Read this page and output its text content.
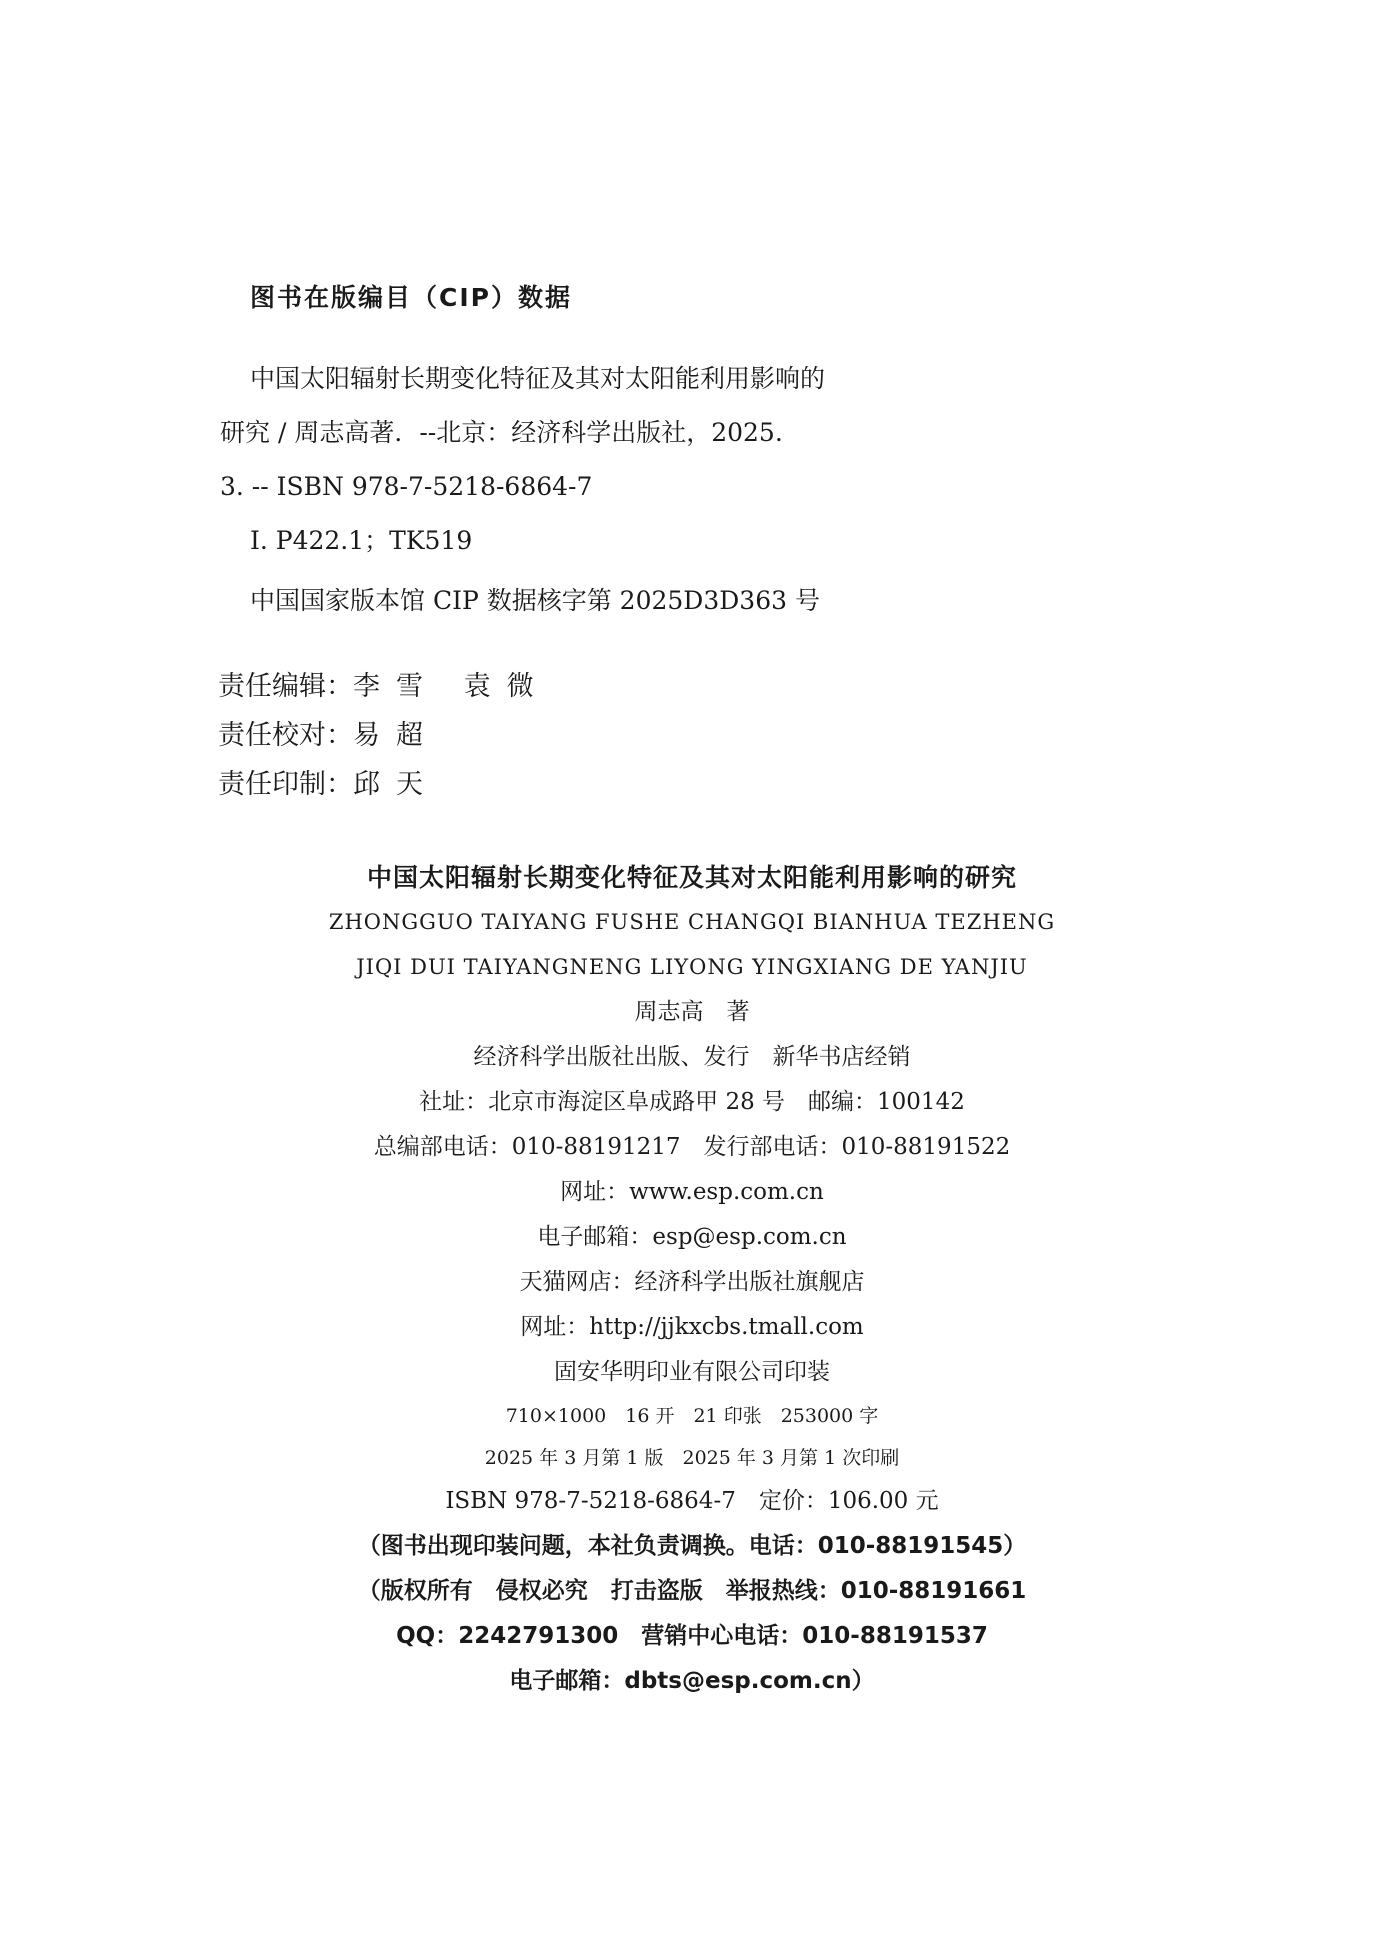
图书在版编目（CIP）数据
中国太阳辐射长期变化特征及其对太阳能利用影响的
研究 / 周志高著．--北京：经济科学出版社，2025.
3. -- ISBN 978-7-5218-6864-7
Ⅰ. P422.1；TK519
中国国家版本馆 CIP 数据核字第 2025D3D363 号
责任编辑：李雪 袁微
责任校对：易超
责任印制：邱天
中国太阳辐射长期变化特征及其对太阳能利用影响的研究
ZHONGGUO TAIYANG FUSHE CHANGQI BIANHUA TEZHENG
JIQI DUI TAIYANGNENG LIYONG YINGXIANG DE YANJIU
周志高　著
经济科学出版社出版、发行　新华书店经销
社址：北京市海淀区阜成路甲 28 号　邮编：100142
总编部电话：010-88191217　发行部电话：010-88191522
网址：www.esp.com.cn
电子邮箱：esp@esp.com.cn
天猫网店：经济科学出版社旗舰店
网址：http://jjkxcbs.tmall.com
固安华明印业有限公司印装
710×1000　16 开　21 印张　253000 字
2025 年 3 月第 1 版　2025 年 3 月第 1 次印刷
ISBN 978-7-5218-6864-7　定价：106.00 元
（图书出现印装问题，本社负责调换。电话：010-88191545）
（版权所有　侵权必究　打击盗版　举报热线：010-88191661
QQ：2242791300　营销中心电话：010-88191537
电子邮箱：dbts@esp.com.cn）
